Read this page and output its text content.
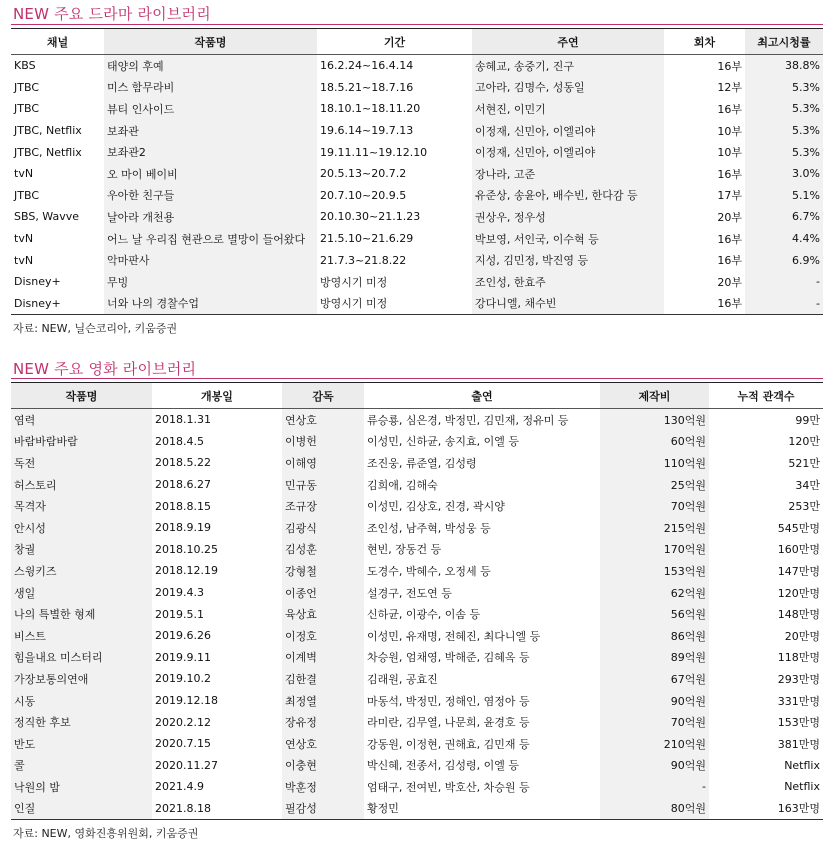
NEW 주요 드라마 라이브러리
채널	작품명	기간	주연	회차	최고시청률
KBS	태양의 후예	16.2.24~16.4.14	송혜교, 송중기, 진구	16부	38.8%
JTBC	미스 함무라비	18.5.21~18.7.16	고아라, 김명수, 성동일	12부	5.3%
JTBC	뷰티 인사이드	18.10.1~18.11.20	서현진, 이민기	16부	5.3%
JTBC, Netflix	보좌관	19.6.14~19.7.13	이정재, 신민아, 이엘리야	10부	5.3%
JTBC, Netflix	보좌관2	19.11.11~19.12.10	이정재, 신민아, 이엘리야	10부	5.3%
tvN	오 마이 베이비	20.5.13~20.7.2	장나라, 고준	16부	3.0%
JTBC	우아한 친구들	20.7.10~20.9.5	유준상, 송윤아, 배수빈, 한다감 등	17부	5.1%
SBS, Wavve	날아라 개천용	20.10.30~21.1.23	권상우, 정우성	20부	6.7%
tvN	어느 날 우리집 현관으로 멸망이 들어왔다	21.5.10~21.6.29	박보영, 서인국, 이수혁 등	16부	4.4%
tvN	악마판사	21.7.3~21.8.22	지성, 김민정, 박진영 등	16부	6.9%
Disney+	무빙	방영시기 미정	조인성, 한효주	20부	-
Disney+	너와 나의 경찰수업	방영시기 미정	강다니엘, 채수빈	16부	-
자료: NEW, 닐슨코리아, 키움증권
NEW 주요 영화 라이브러리
작품명	개봉일	감독	출연	제작비	누적 관객수
염력	2018.1.31	연상호	류승룡, 심은경, 박정민, 김민재, 정유미 등	130억원	99만
바람바람바람	2018.4.5	이병헌	이성민, 신하균, 송지효, 이엘 등	60억원	120만
독전	2018.5.22	이해영	조진웅, 류준열, 김성령	110억원	521만
허스토리	2018.6.27	민규동	김희애, 김해숙	25억원	34만
목격자	2018.8.15	조규장	이성민, 김상호, 진경, 곽시양	70억원	253만
안시성	2018.9.19	김광식	조인성, 남주혁, 박성웅 등	215억원	545만명
창궐	2018.10.25	김성훈	현빈, 장동건 등	170억원	160만명
스윙키즈	2018.12.19	강형철	도경수, 박혜수, 오정세 등	153억원	147만명
생일	2019.4.3	이종언	설경구, 전도연 등	62억원	120만명
나의 특별한 형제	2019.5.1	육상효	신하균, 이광수, 이솜 등	56억원	148만명
비스트	2019.6.26	이정호	이성민, 유재명, 전혜진, 최다니엘 등	86억원	20만명
힘을내요 미스터리	2019.9.11	이계벽	차승원, 엄채영, 박해준, 김혜옥 등	89억원	118만명
가장보통의연애	2019.10.2	김한결	김래원, 공효진	67억원	293만명
시동	2019.12.18	최정열	마동석, 박정민, 정해인, 염정아 등	90억원	331만명
정직한 후보	2020.2.12	장유정	라미란, 김무열, 나문희, 윤경호 등	70억원	153만명
반도	2020.7.15	연상호	강동원, 이정현, 권해효, 김민재 등	210억원	381만명
콜	2020.11.27	이충현	박신혜, 전종서, 김성령, 이엘 등	90억원	Netflix
낙원의 밤	2021.4.9	박훈정	엄태구, 전여빈, 박호산, 차승원 등	-	Netflix
인질	2021.8.18	필감성	황정민	80억원	163만명
자료: NEW, 영화진흥위원회, 키움증권
